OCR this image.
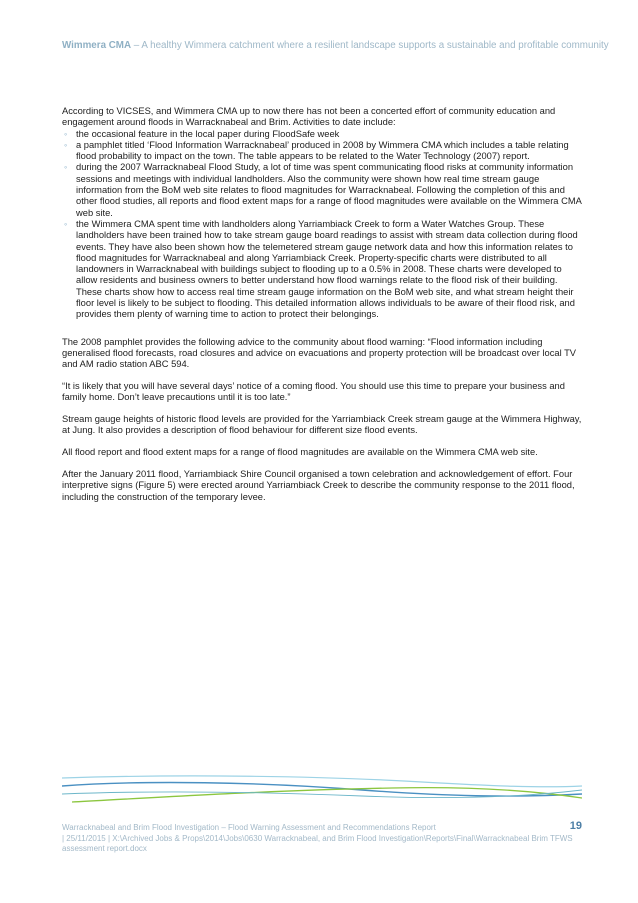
Wimmera CMA – A healthy Wimmera catchment where a resilient landscape supports a sustainable and profitable community

According to VICSES, and Wimmera CMA up to now there has not been a concerted effort of community education and engagement around floods in Warracknabeal and Brim. Activities to date include:

◦ the occasional feature in the local paper during FloodSafe week
◦ a pamphlet titled ‘Flood Information Warracknabeal’ produced in 2008 by Wimmera CMA which includes a table relating flood probability to impact on the town. The table appears to be related to the Water Technology (2007) report.
◦ during the 2007 Warracknabeal Flood Study, a lot of time was spent communicating flood risks at community information sessions and meetings with individual landholders. Also the community were shown how real time stream gauge information from the BoM web site relates to flood magnitudes for Warracknabeal. Following the completion of this and other flood studies, all reports and flood extent maps for a range of flood magnitudes were available on the Wimmera CMA web site.
◦ the Wimmera CMA spent time with landholders along Yarriambiack Creek to form a Water Watches Group. These landholders have been trained how to take stream gauge board readings to assist with stream data collection during flood events. They have also been shown how the telemetered stream gauge network data and how this information relates to flood magnitudes for Warracknabeal and along Yarriambiack Creek. Property-specific charts were distributed to all landowners in Warracknabeal with buildings subject to flooding up to a 0.5% in 2008. These charts were developed to allow residents and business owners to better understand how flood warnings relate to the flood risk of their building. These charts show how to access real time stream gauge information on the BoM web site, and what stream height their floor level is likely to be subject to flooding. This detailed information allows individuals to be aware of their flood risk, and provides them plenty of warning time to action to protect their belongings.

The 2008 pamphlet provides the following advice to the community about flood warning: “Flood information including generalised flood forecasts, road closures and advice on evacuations and property protection will be broadcast over local TV and AM radio station ABC 594.

“It is likely that you will have several days’ notice of a coming flood. You should use this time to prepare your business and family home. Don’t leave precautions until it is too late.”

Stream gauge heights of historic flood levels are provided for the Yarriambiack Creek stream gauge at the Wimmera Highway, at Jung. It also provides a description of flood behaviour for different size flood events.

All flood report and flood extent maps for a range of flood magnitudes are available on the Wimmera CMA web site.

After the January 2011 flood, Yarriambiack Shire Council organised a town celebration and acknowledgement of effort. Four interpretive signs (Figure 5) were erected around Yarriambiack Creek to describe the community response to the 2011 flood, including the construction of the temporary levee.

Warracknabeal and Brim Flood Investigation – Flood Warning Assessment and Recommendations Report
| 25/11/2015 | X:\Archived Jobs & Props\2014\Jobs\0630 Warracknabeal, and Brim Flood Investigation\Reports\Final\Warracknabeal Brim TFWS assessment report.docx
19
